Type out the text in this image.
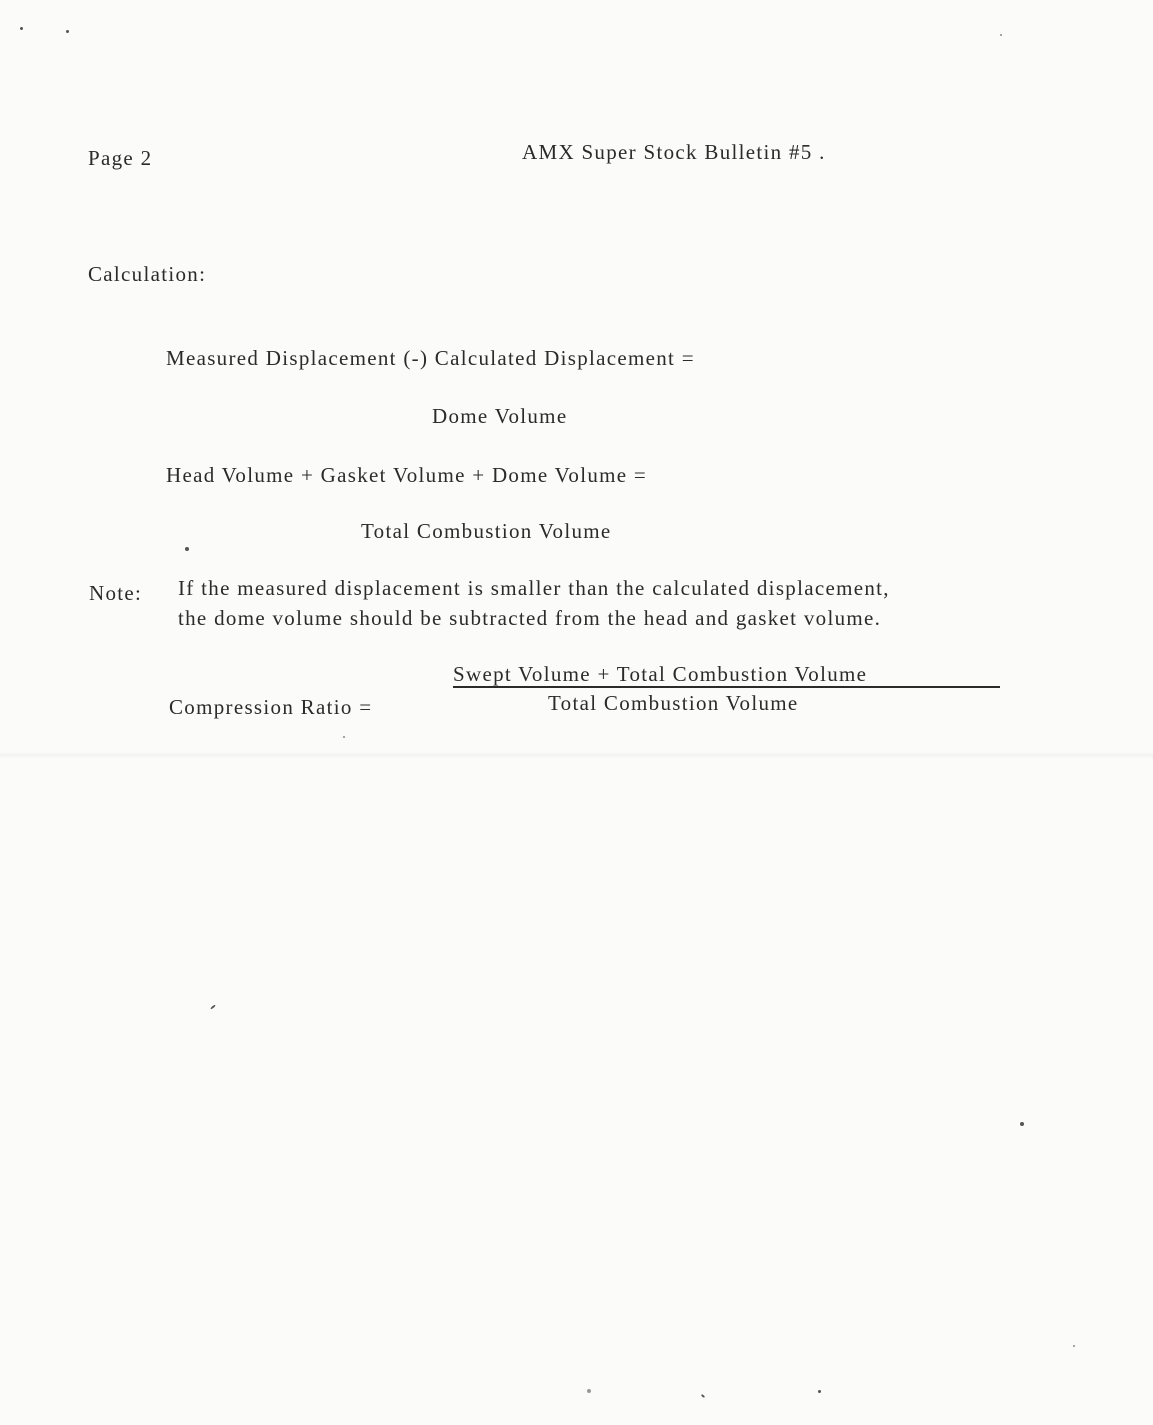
Page 2	AMX Super Stock Bulletin #5 .
Calculation:
Measured Displacement (-) Calculated Displacement =
Dome Volume
Head Volume + Gasket Volume + Dome Volume =
Total Combustion Volume
Note: If the measured displacement is smaller than the calculated displacement,
the dome volume should be subtracted from the head and gasket volume.
Compression Ratio =
Swept Volume + Total Combustion Volume
Total Combustion Volume
